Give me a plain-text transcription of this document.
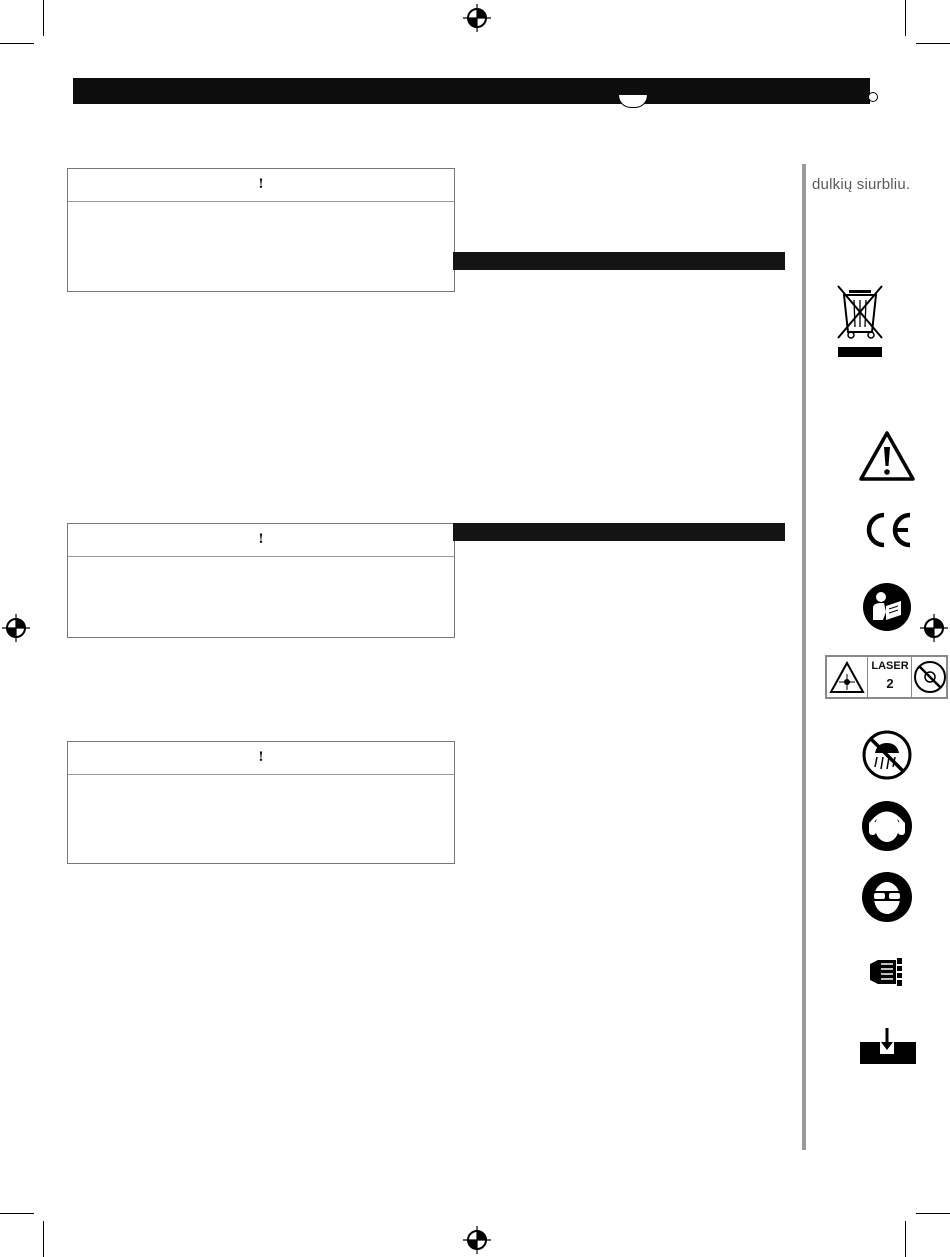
!
!
!
dulkių siurbliu.
LASER
2
